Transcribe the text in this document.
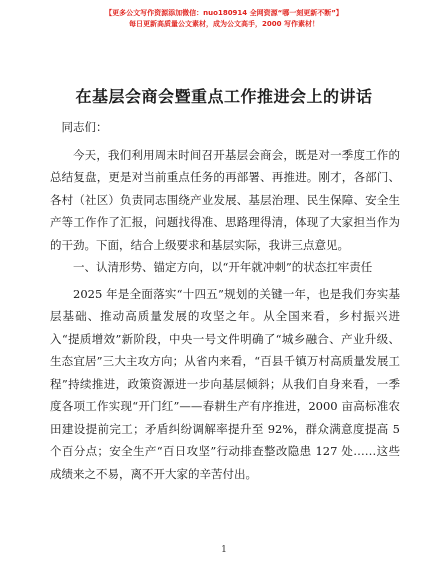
【更多公文写作资源添加微信：nuo180914 全网资源“哪一刻更新不断”】
每日更新高质量公文素材，成为公文高手，2000 写作素材！
在基层会商会暨重点工作推进会上的讲话

同志们：

今天，我们利用周末时间召开基层会商会，既是对一季度工作的总结复盘，更是对当前重点任务的再部署、再推进。刚才，各部门、各村（社区）负责同志围绕产业发展、基层治理、民生保障、安全生产等工作作了汇报，问题找得准、思路理得清，体现了大家担当作为的干劲。下面，结合上级要求和基层实际，我讲三点意见。

一、认清形势、锚定方向，以“开年就冲刺”的状态扛牢责任

2025 年是全面落实“十四五”规划的关键一年，也是我们夯实基层基础、推动高质量发展的攻坚之年。从全国来看，乡村振兴进入“提质增效”新阶段，中央一号文件明确了“城乡融合、产业升级、生态宜居”三大主攻方向；从省内来看，“百县千镇万村高质量发展工程”持续推进，政策资源进一步向基层倾斜；从我们自身来看，一季度各项工作实现“开门红”——春耕生产有序推进，2000 亩高标准农田建设提前完工；矛盾纠纷调解率提升至 92%，群众满意度提高 5 个百分点；安全生产“百日攻坚”行动排查整改隐患 127 处……这些成绩来之不易，离不开大家的辛苦付出。

1
